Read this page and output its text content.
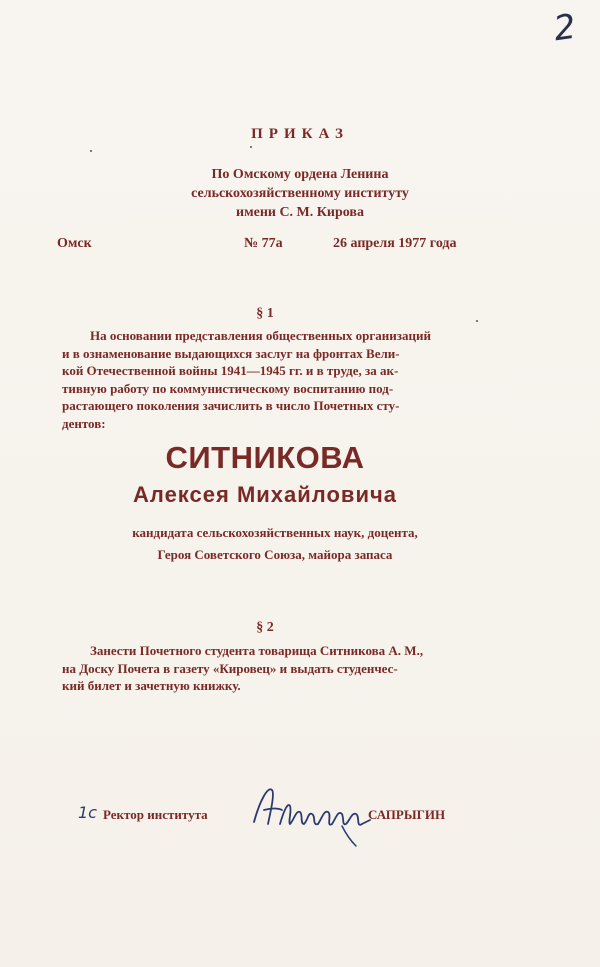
2
ПРИКАЗ
По Омскому ордена Ленина
сельскохозяйственному институту
имени С. М. Кирова
Омск	№ 77а	26 апреля 1977 года
§ 1
На основании представления общественных организаций
и в ознаменование выдающихся заслуг на фронтах Вели-
кой Отечественной войны 1941—1945 гг. и в труде, за ак-
тивную работу по коммунистическому воспитанию под-
растающего поколения зачислить в число Почетных сту-
дентов:
СИТНИКОВА
Алексея Михайловича
кандидата сельскохозяйственных наук, доцента,
Героя Советского Союза, майора запаса
§ 2
Занести Почетного студента товарища Ситникова А. М.,
на Доску Почета в газету «Кировец» и выдать студенчес-
кий билет и зачетную книжку.
1с Ректор института	САПРЫГИН
